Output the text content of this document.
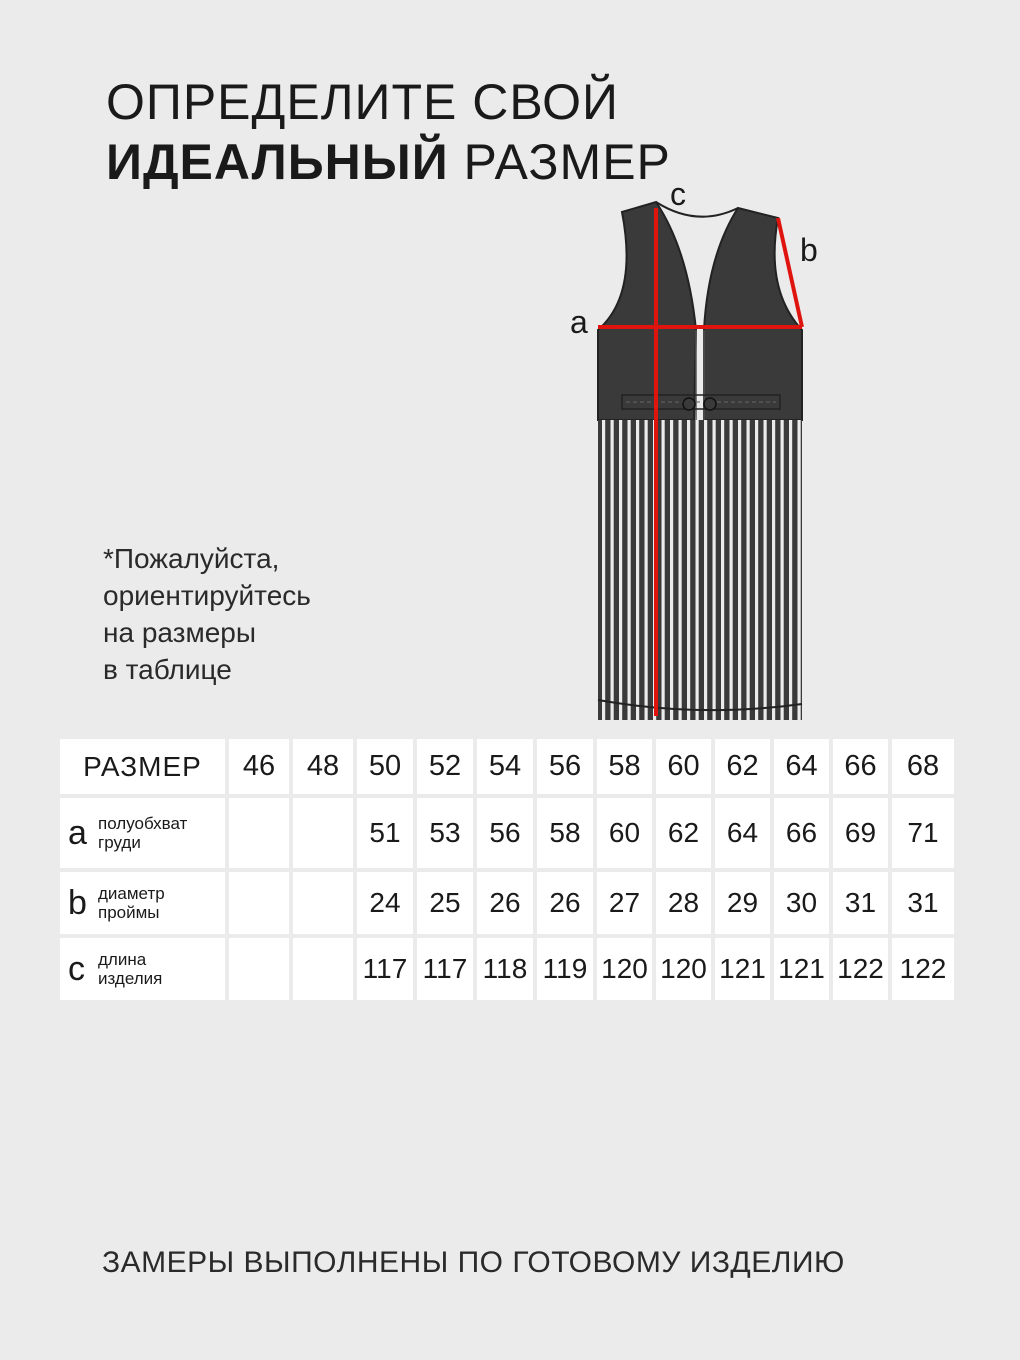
ОПРЕДЕЛИТЕ СВОЙ
ИДЕАЛЬНЫЙ РАЗМЕР
*Пожалуйста,
ориентируйтесь
на размеры
в таблице
a
b
c
РАЗМЕР	46	48	50	52	54	56	58	60	62	64	66	68

a полуобхват
груди			51	53	56	58	60	62	64	66	69	71

b диаметр
проймы			24	25	26	26	27	28	29	30	31	31

c длина
изделия			117	117	118	119	120	120	121	121	122	122
ЗАМЕРЫ ВЫПОЛНЕНЫ ПО ГОТОВОМУ ИЗДЕЛИЮ
